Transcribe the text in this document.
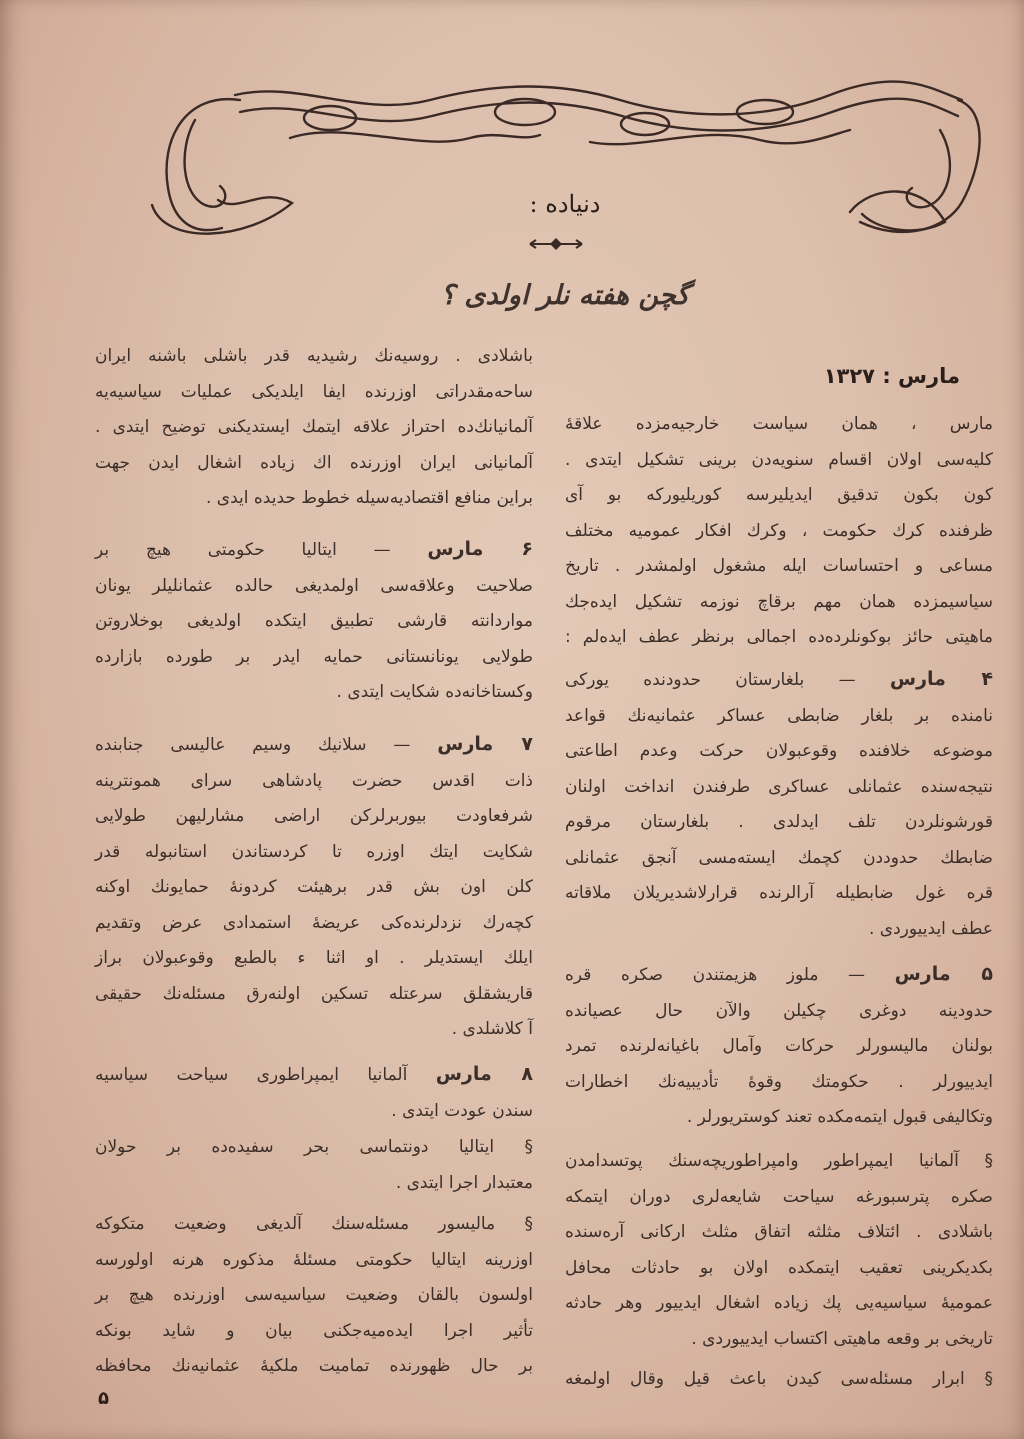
دنیاده :
گچن هفته نلر اولدی ؟
مارس : ۱۳۲۷
مارس ، همان سیاست خارجیه‌مزده علاقهٔ
کلیه‌سی اولان اقسام سنویه‌دن برینی تشکیل ایتدی .
کون بکون تدقیق ایدیلیرسه کوریلیورکه بو آی
ظرفنده کرك حکومت ، وکرك افکار عمومیه مختلف
مساعی و احتساسات ایله مشغول اولمشدر . تاریخ
سیاسیمزده همان مهم برقاچ نوزمه تشکیل ایده‌جك
ماهیتی حائز بوکونلرده‌ده اجمالی برنظر عطف ایده‌لم :
۴ مارس — بلغارستان حدودنده یورکی
نامنده بر بلغار ضابطی عساکر عثمانیه‌نك قواعد
موضوعه خلافنده وقوعبولان حرکت وعدم اطاعتی
نتیجه‌سنده عثمانلی عساکری طرفندن انداخت اولنان
قورشونلردن تلف ایدلدی . بلغارستان مرقوم
ضابطك حدوددن کچمك ایسته‌مسی آنجق عثمانلی
قره غول ضابطیله آرالرنده قرارلاشدیریلان ملاقاته
عطف ایدییوردی .
۵ مارس — ملوز هزیمتندن صکره قره
حدودینه دوغری چکیلن والآن حال عصیانده
بولنان مالیسورلر حرکات وآمال باغیانه‌لرنده تمرد
ایدییورلر . حکومتك وقوهٔ تأدیبیه‌نك اخطارات
وتکالیفی قبول ایتمه‌مکده تعند کوستریورلر .
§ آلمانیا ایمپراطور وامپراطوریچه‌سنك پوتسدامدن
صکره پترسبورغه سیاحت شایعه‌لری دوران ایتمکه
باشلادی . ائتلاف مثلثه اتفاق مثلث ارکانی آره‌سنده
بکدیکرینی تعقیب ایتمکده اولان بو حادثات محافل
عمومیهٔ سیاسیه‌یی پك زیاده اشغال ایدییور وهر حادثه
تاریخی بر وقعه ماهیتی اکتساب ایدییوردی .
§ ابرار مسئله‌سی کیدن باعث قیل وقال اولمغه
باشلادی . روسیه‌نك رشیدیه قدر باشلی باشنه ایران
ساحه‌مقدراتی اوزرنده ایفا ایلدیکی عملیات سیاسیه‌یه
آلمانیانك‌ده احتراز علاقه ایتمك ایستدیکنی توضیح ایتدی .
آلمانیانی ایران اوزرنده اك زیاده اشغال ایدن جهت
براین منافع اقتصادیه‌سیله خطوط حدیده ایدی .
۶ مارس — ایتالیا حکومتی هیچ بر
صلاحیت وعلاقه‌سی اولمدیغی حالده عثمانلیلر یونان
مواردانته قارشی تطبیق ایتکده اولدیغی بوخلاروتن
طولایی یونانستانی حمایه ایدر بر طورده بازارده
وکستاخانه‌ده شکایت ایتدی .
۷ مارس — سلانیك وسیم عالیسی جنابنده
ذات اقدس حضرت پادشاهی سرای همونترینه
شرفعاودت بیوربرلرکن اراضی مشارلیهن طولایی
شکایت ایتك اوزره تا کردستاندن استانبوله قدر
کلن اون بش قدر برهیئت کردونهٔ حمایونك اوکنه
کچه‌رك نزدلرنده‌کی عریضهٔ استمدادی عرض وتقدیم
ایلك ایستدیلر . او اثنا ء بالطبع وقوعبولان براز
قاریشقلق سرعتله تسکین اولنه‌رق مسئله‌نك حقیقی
آ کلاشلدی .
۸ مارس آلمانیا ایمپراطوری سیاحت سیاسیه
سندن عودت ایتدی .
§ ایتالیا دونتماسی بحر سفیده‌ده بر حولان
معتبدار اجرا ایتدی .
§ مالیسور مسئله‌سنك آلدیغی وضعیت متکوکه
اوزرینه ایتالیا حکومتی مسئلهٔ مذکوره هرنه اولورسه
اولسون بالقان وضعیت سیاسیه‌سی اوزرنده هیچ بر
تأثیر اجرا ایده‌میه‌جکنی بیان و شاید بونکه
بر حال ظهورنده تمامیت ملکیهٔ عثمانیه‌نك محافظه
۵
